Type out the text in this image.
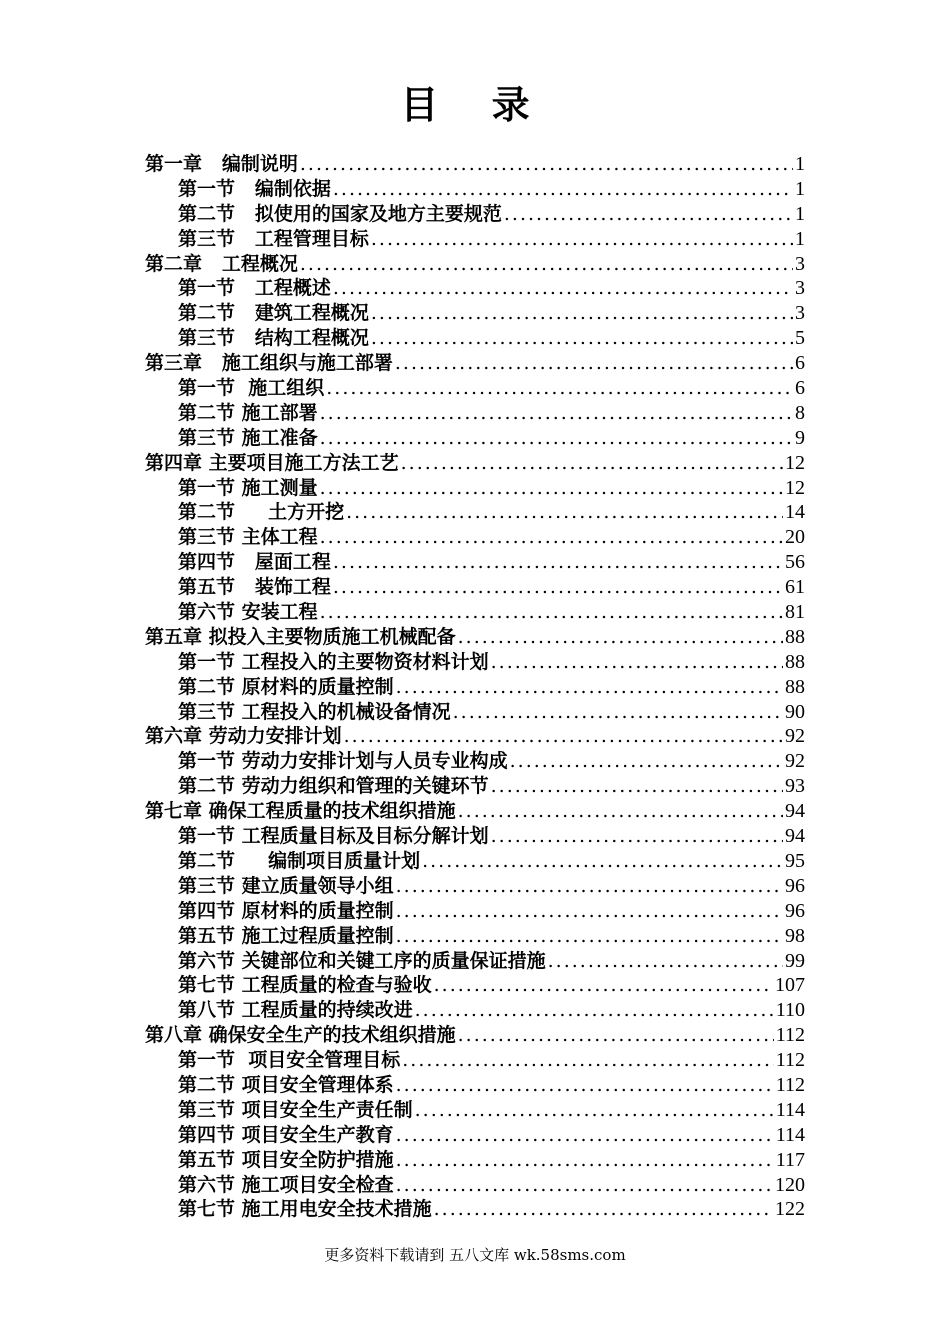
目 录
第一章   编制说明 .....	1
第一节   编制依据 .....	1
第二节   拟使用的国家及地方主要规范 .....	1
第三节   工程管理目标 .....	1
第二章   工程概况 .....	3
第一节   工程概述 .....	3
第二节   建筑工程概况 .....	3
第三节   结构工程概况 .....	5
第三章   施工组织与施工部署 .....	6
第一节  施工组织 .....	6
第二节 施工部署 .....	8
第三节 施工准备 .....	9
第四章 主要项目施工方法工艺 .....	12
第一节 施工测量 .....	12
第二节     土方开挖 .....	14
第三节 主体工程 .....	20
第四节   屋面工程 .....	56
第五节   装饰工程 .....	61
第六节 安装工程 .....	81
第五章 拟投入主要物质施工机械配备 .....	88
第一节 工程投入的主要物资材料计划 .....	88
第二节 原材料的质量控制 .....	88
第三节 工程投入的机械设备情况 .....	90
第六章 劳动力安排计划 .....	92
第一节 劳动力安排计划与人员专业构成 .....	92
第二节 劳动力组织和管理的关键环节 .....	93
第七章 确保工程质量的技术组织措施 .....	94
第一节 工程质量目标及目标分解计划 .....	94
第二节     编制项目质量计划 .....	95
第三节 建立质量领导小组 .....	96
第四节 原材料的质量控制 .....	96
第五节 施工过程质量控制 .....	98
第六节 关键部位和关键工序的质量保证措施 .....	99
第七节 工程质量的检查与验收 .....	107
第八节 工程质量的持续改进 .....	110
第八章 确保安全生产的技术组织措施 .....	112
第一节  项目安全管理目标 .....	112
第二节 项目安全管理体系 .....	112
第三节 项目安全生产责任制 .....	114
第四节 项目安全生产教育 .....	114
第五节 项目安全防护措施 .....	117
第六节 施工项目安全检查 .....	120
第七节 施工用电安全技术措施 .....	122
更多资料下载请到 五八文库 wk.58sms.com
